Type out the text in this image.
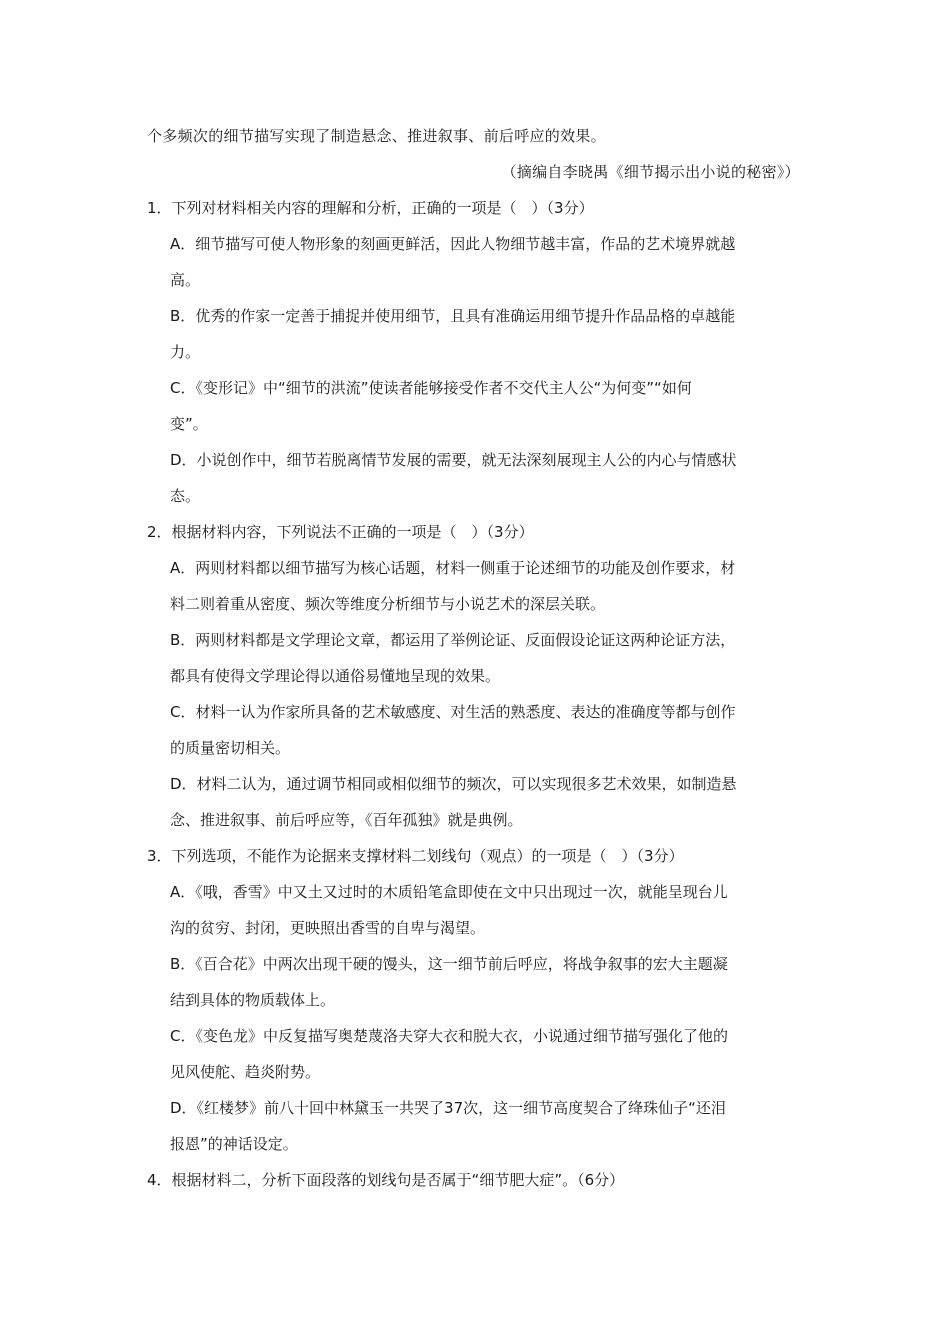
个多频次的细节描写实现了制造悬念、推进叙事、前后呼应的效果。
（摘编自李晓禺《细节揭示出小说的秘密》）
1．下列对材料相关内容的理解和分析，正确的一项是（　）（3分）
A．细节描写可使人物形象的刻画更鲜活，因此人物细节越丰富，作品的艺术境界就越
高。
B．优秀的作家一定善于捕捉并使用细节，且具有准确运用细节提升作品品格的卓越能
力。
C．《变形记》中“细节的洪流”使读者能够接受作者不交代主人公“为何变”“如何
变”。
D．小说创作中，细节若脱离情节发展的需要，就无法深刻展现主人公的内心与情感状
态。
2．根据材料内容，下列说法不正确的一项是（　）（3分）
A．两则材料都以细节描写为核心话题，材料一侧重于论述细节的功能及创作要求，材
料二则着重从密度、频次等维度分析细节与小说艺术的深层关联。
B．两则材料都是文学理论文章，都运用了举例论证、反面假设论证这两种论证方法，
都具有使得文学理论得以通俗易懂地呈现的效果。
C．材料一认为作家所具备的艺术敏感度、对生活的熟悉度、表达的准确度等都与创作
的质量密切相关。
D．材料二认为，通过调节相同或相似细节的频次，可以实现很多艺术效果，如制造悬
念、推进叙事、前后呼应等，《百年孤独》就是典例。
3．下列选项，不能作为论据来支撑材料二划线句（观点）的一项是（　）（3分）
A．《哦，香雪》中又土又过时的木质铅笔盒即使在文中只出现过一次，就能呈现台儿
沟的贫穷、封闭，更映照出香雪的自卑与渴望。
B．《百合花》中两次出现干硬的馒头，这一细节前后呼应，将战争叙事的宏大主题凝
结到具体的物质载体上。
C．《变色龙》中反复描写奥楚蔑洛夫穿大衣和脱大衣，小说通过细节描写强化了他的
见风使舵、趋炎附势。
D．《红楼梦》前八十回中林黛玉一共哭了37次，这一细节高度契合了绛珠仙子“还泪
报恩”的神话设定。
4．根据材料二，分析下面段落的划线句是否属于“细节肥大症”。（6分）
